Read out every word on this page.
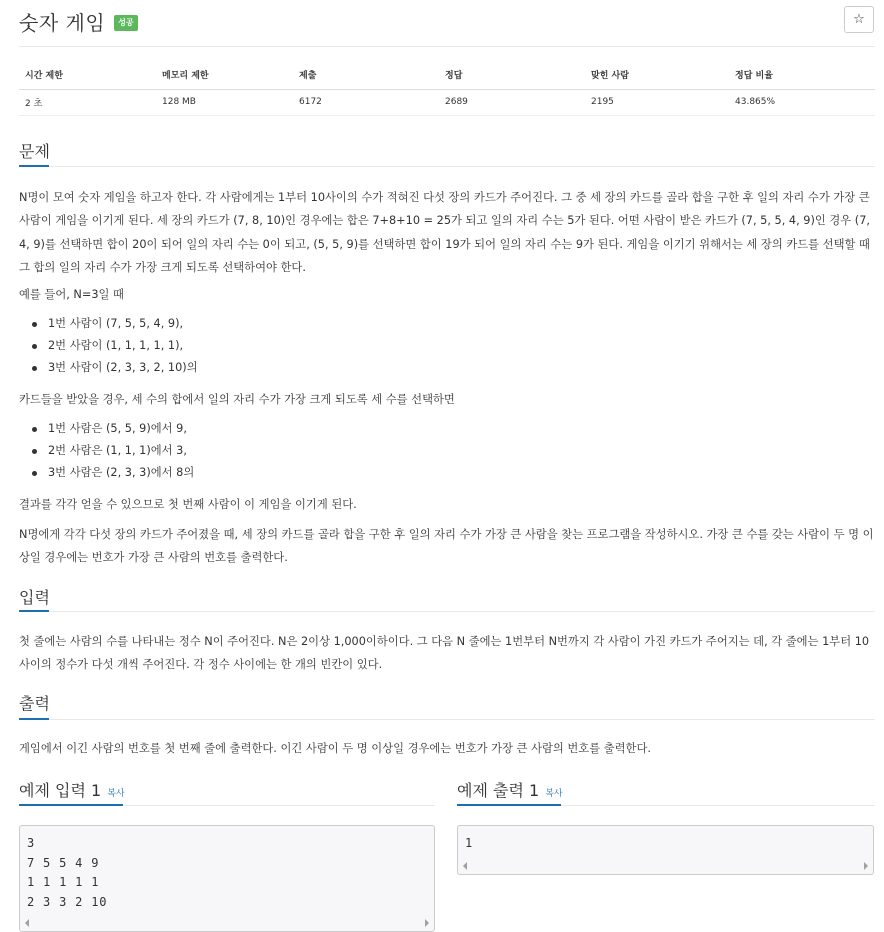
숫자 게임	성공	☆
시간 제한	메모리 제한	제출	정답	맞힌 사람	정답 비율
2 초	128 MB	6172	2689	2195	43.865%
문제

N명이 모여 숫자 게임을 하고자 한다. 각 사람에게는 1부터 10사이의 수가 적혀진 다섯 장의 카드가 주어진다. 그 중 세 장의 카드를 골라 합을 구한 후 일의 자리 수가 가장 큰 사람이 게임을 이기게 된다. 세 장의 카드가 (7, 8, 10)인 경우에는 합은 7+8+10 = 25가 되고 일의 자리 수는 5가 된다. 어떤 사람이 받은 카드가 (7, 5, 5, 4, 9)인 경우 (7, 4, 9)를 선택하면 합이 20이 되어 일의 자리 수는 0이 되고, (5, 5, 9)를 선택하면 합이 19가 되어 일의 자리 수는 9가 된다. 게임을 이기기 위해서는 세 장의 카드를 선택할 때 그 합의 일의 자리 수가 가장 크게 되도록 선택하여야 한다.

예를 들어, N=3일 때

1번 사람이 (7, 5, 5, 4, 9),
2번 사람이 (1, 1, 1, 1, 1),
3번 사람이 (2, 3, 3, 2, 10)의

카드들을 받았을 경우, 세 수의 합에서 일의 자리 수가 가장 크게 되도록 세 수를 선택하면

1번 사람은 (5, 5, 9)에서 9,
2번 사람은 (1, 1, 1)에서 3,
3번 사람은 (2, 3, 3)에서 8의

결과를 각각 얻을 수 있으므로 첫 번째 사람이 이 게임을 이기게 된다.

N명에게 각각 다섯 장의 카드가 주어졌을 때, 세 장의 카드를 골라 합을 구한 후 일의 자리 수가 가장 큰 사람을 찾는 프로그램을 작성하시오. 가장 큰 수를 갖는 사람이 두 명 이상일 경우에는 번호가 가장 큰 사람의 번호를 출력한다.

입력

첫 줄에는 사람의 수를 나타내는 정수 N이 주어진다. N은 2이상 1,000이하이다. 그 다음 N 줄에는 1번부터 N번까지 각 사람이 가진 카드가 주어지는 데, 각 줄에는 1부터 10사이의 정수가 다섯 개씩 주어진다. 각 정수 사이에는 한 개의 빈칸이 있다.

출력

게임에서 이긴 사람의 번호를 첫 번째 줄에 출력한다. 이긴 사람이 두 명 이상일 경우에는 번호가 가장 큰 사람의 번호를 출력한다.

예제 입력 1 복사
3
7 5 5 4 9
1 1 1 1 1
2 3 3 2 10
예제 출력 1 복사
1
